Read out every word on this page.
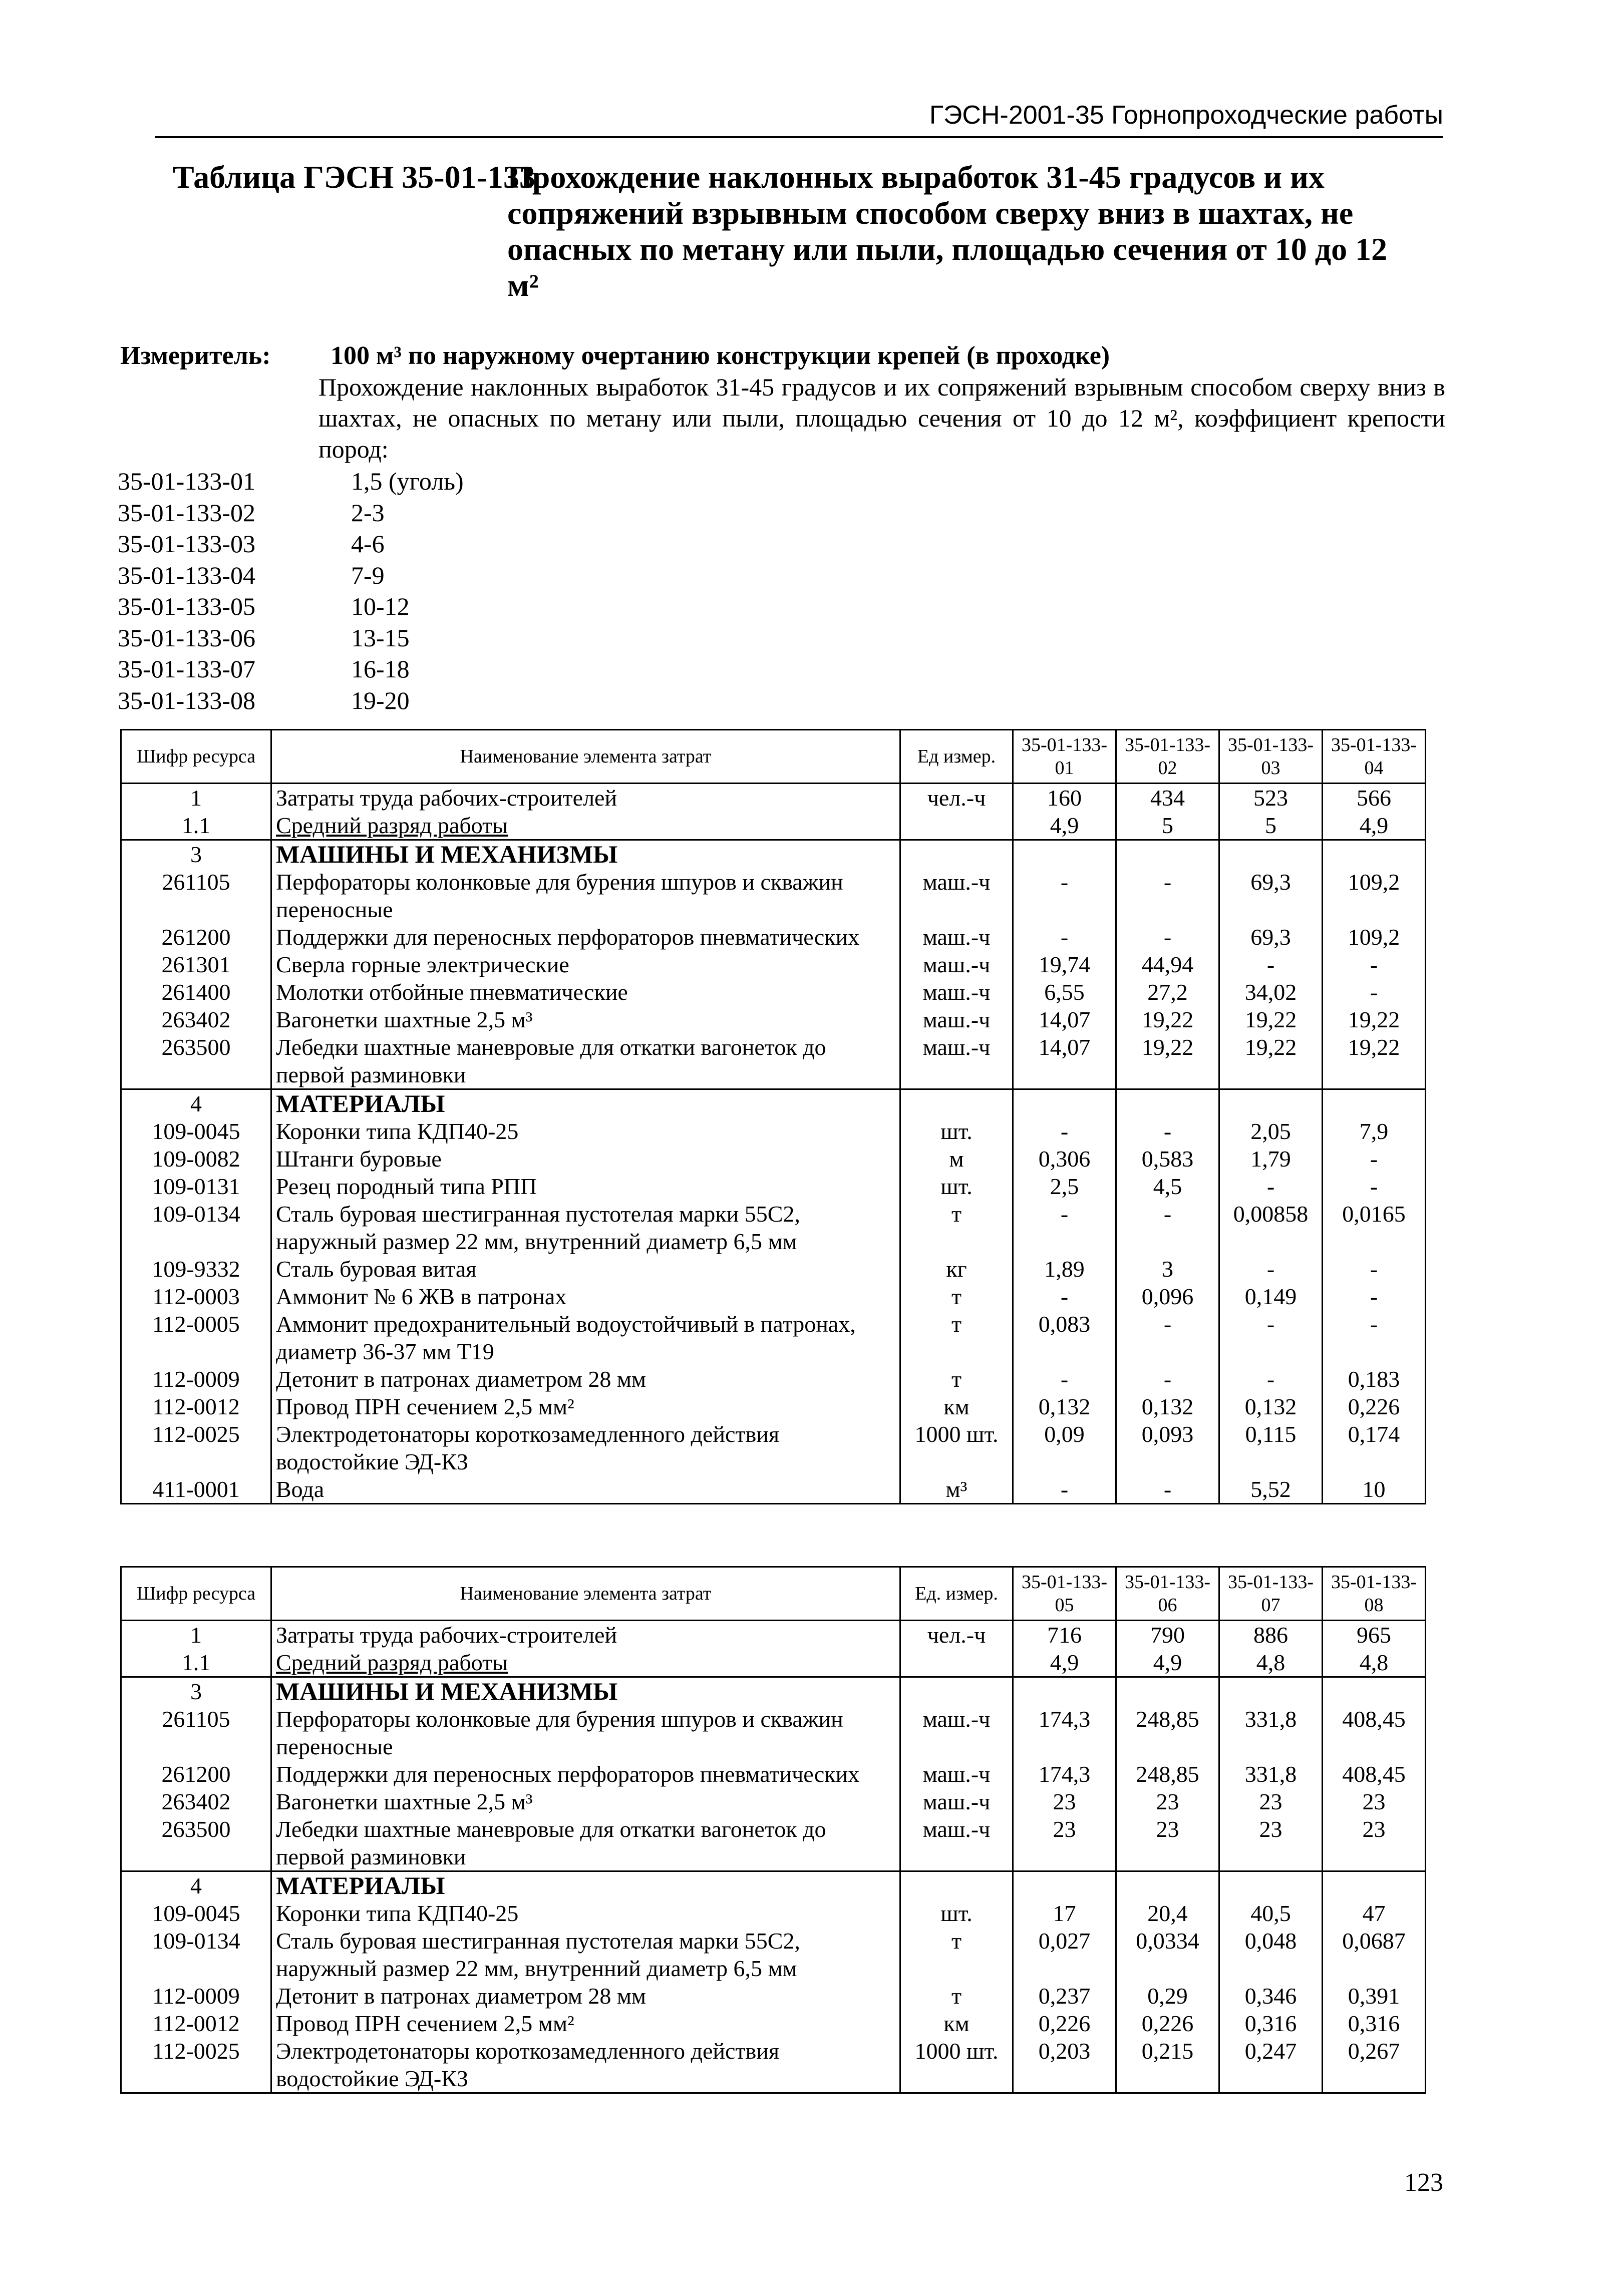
ГЭСН-2001-35 Горнопроходческие работы
Таблица ГЭСН 35-01-133
Прохождение наклонных выработок 31-45 градусов и их сопряжений взрывным способом сверху вниз в шахтах, не опасных по метану или пыли, площадью сечения от 10 до 12 м²
Измеритель: 100 м³ по наружному очертанию конструкции крепей (в проходке)
Прохождение наклонных выработок 31-45 градусов и их сопряжений взрывным способом сверху вниз в шахтах, не опасных по метану или пыли, площадью сечения от 10 до 12 м², коэффициент крепости пород:
35-01-133-01	1,5 (уголь)
35-01-133-02	2-3
35-01-133-03	4-6
35-01-133-04	7-9
35-01-133-05	10-12
35-01-133-06	13-15
35-01-133-07	16-18
35-01-133-08	19-20
Шифр ресурса	Наименование элемента затрат	Ед измер.	35-01-133-01	35-01-133-02	35-01-133-03	35-01-133-04
1	Затраты труда рабочих-строителей	чел.-ч	160	434	523	566
1.1	Средний разряд работы		4,9	5	5	4,9
3	МАШИНЫ И МЕХАНИЗМЫ					
261105	Перфораторы колонковые для бурения шпуров и скважин переносные	маш.-ч	-	-	69,3	109,2
261200	Поддержки для переносных перфораторов пневматических	маш.-ч	-	-	69,3	109,2
261301	Сверла горные электрические	маш.-ч	19,74	44,94	-	-
261400	Молотки отбойные пневматические	маш.-ч	6,55	27,2	34,02	-
263402	Вагонетки шахтные 2,5 м³	маш.-ч	14,07	19,22	19,22	19,22
263500	Лебедки шахтные маневровые для откатки вагонеток до первой разминовки	маш.-ч	14,07	19,22	19,22	19,22
4	МАТЕРИАЛЫ					
109-0045	Коронки типа КДП40-25	шт.	-	-	2,05	7,9
109-0082	Штанги буровые	м	0,306	0,583	1,79	-
109-0131	Резец породный типа РПП	шт.	2,5	4,5	-	-
109-0134	Сталь буровая шестигранная пустотелая марки 55С2, наружный размер 22 мм, внутренний диаметр 6,5 мм	т	-	-	0,00858	0,0165
109-9332	Сталь буровая витая	кг	1,89	3	-	-
112-0003	Аммонит № 6 ЖВ в патронах	т	-	0,096	0,149	-
112-0005	Аммонит предохранительный водоустойчивый в патронах, диаметр 36-37 мм Т19	т	0,083	-	-	-
112-0009	Детонит в патронах диаметром 28 мм	т	-	-	-	0,183
112-0012	Провод ПРН сечением 2,5 мм²	км	0,132	0,132	0,132	0,226
112-0025	Электродетонаторы короткозамедленного действия водостойкие ЭД-КЗ	1000 шт.	0,09	0,093	0,115	0,174
411-0001	Вода	м³	-	-	5,52	10
Шифр ресурса	Наименование элемента затрат	Ед. измер.	35-01-133-05	35-01-133-06	35-01-133-07	35-01-133-08
1	Затраты труда рабочих-строителей	чел.-ч	716	790	886	965
1.1	Средний разряд работы		4,9	4,9	4,8	4,8
3	МАШИНЫ И МЕХАНИЗМЫ					
261105	Перфораторы колонковые для бурения шпуров и скважин переносные	маш.-ч	174,3	248,85	331,8	408,45
261200	Поддержки для переносных перфораторов пневматических	маш.-ч	174,3	248,85	331,8	408,45
263402	Вагонетки шахтные 2,5 м³	маш.-ч	23	23	23	23
263500	Лебедки шахтные маневровые для откатки вагонеток до первой разминовки	маш.-ч	23	23	23	23
4	МАТЕРИАЛЫ					
109-0045	Коронки типа КДП40-25	шт.	17	20,4	40,5	47
109-0134	Сталь буровая шестигранная пустотелая марки 55С2, наружный размер 22 мм, внутренний диаметр 6,5 мм	т	0,027	0,0334	0,048	0,0687
112-0009	Детонит в патронах диаметром 28 мм	т	0,237	0,29	0,346	0,391
112-0012	Провод ПРН сечением 2,5 мм²	км	0,226	0,226	0,316	0,316
112-0025	Электродетонаторы короткозамедленного действия водостойкие ЭД-КЗ	1000 шт.	0,203	0,215	0,247	0,267
123
